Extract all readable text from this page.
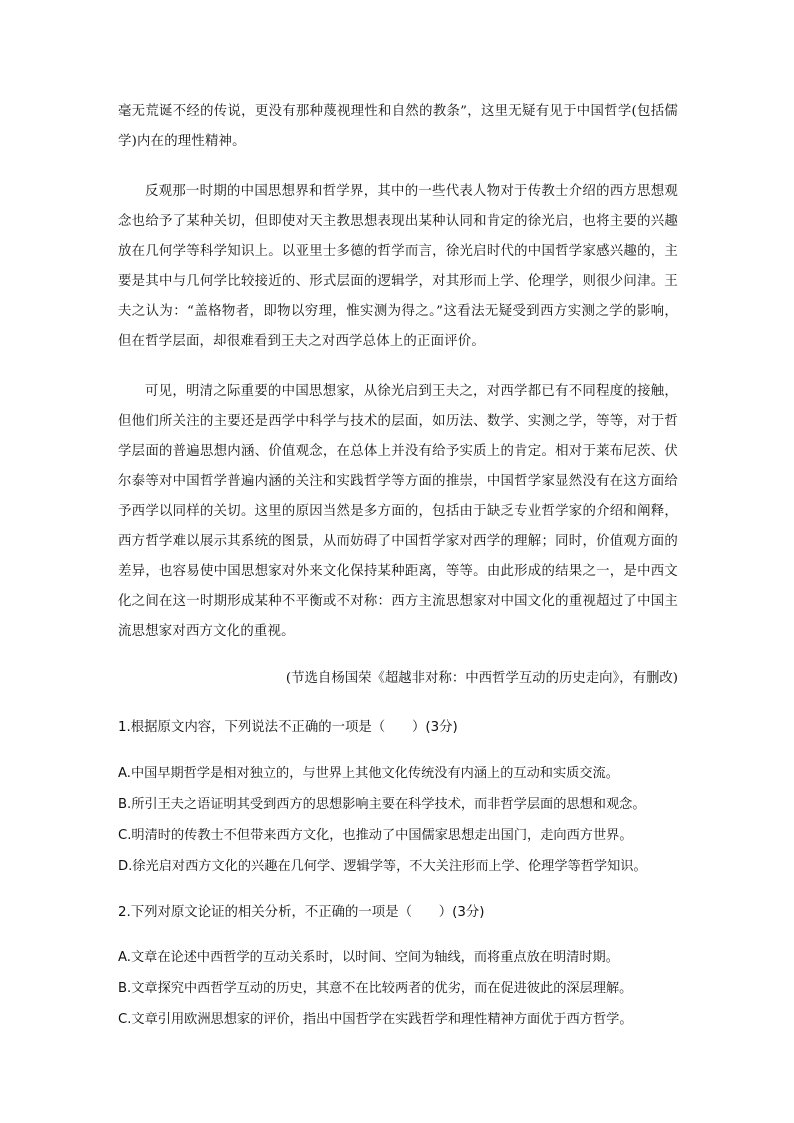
毫无荒诞不经的传说，更没有那种蔑视理性和自然的教条”，这里无疑有见于中国哲学(包括儒学)内在的理性精神。

反观那一时期的中国思想界和哲学界，其中的一些代表人物对于传教士介绍的西方思想观念也给予了某种关切，但即使对天主教思想表现出某种认同和肯定的徐光启，也将主要的兴趣放在几何学等科学知识上。以亚里士多德的哲学而言，徐光启时代的中国哲学家感兴趣的，主要是其中与几何学比较接近的、形式层面的逻辑学，对其形而上学、伦理学，则很少问津。王夫之认为：“盖格物者，即物以穷理，惟实测为得之。”这看法无疑受到西方实测之学的影响，但在哲学层面，却很难看到王夫之对西学总体上的正面评价。

可见，明清之际重要的中国思想家，从徐光启到王夫之，对西学都已有不同程度的接触，但他们所关注的主要还是西学中科学与技术的层面，如历法、数学、实测之学，等等，对于哲学层面的普遍思想内涵、价值观念，在总体上并没有给予实质上的肯定。相对于莱布尼茨、伏尔泰等对中国哲学普遍内涵的关注和实践哲学等方面的推崇，中国哲学家显然没有在这方面给予西学以同样的关切。这里的原因当然是多方面的，包括由于缺乏专业哲学家的介绍和阐释，西方哲学难以展示其系统的图景，从而妨碍了中国哲学家对西学的理解；同时，价值观方面的差异，也容易使中国思想家对外来文化保持某种距离，等等。由此形成的结果之一，是中西文化之间在这一时期形成某种不平衡或不对称：西方主流思想家对中国文化的重视超过了中国主流思想家对西方文化的重视。

(节选自杨国荣《超越非对称：中西哲学互动的历史走向》，有删改)
1.根据原文内容，下列说法不正确的一项是（　　）(3分)
A.中国早期哲学是相对独立的，与世界上其他文化传统没有内涵上的互动和实质交流。
B.所引王夫之语证明其受到西方的思想影响主要在科学技术，而非哲学层面的思想和观念。
C.明清时的传教士不但带来西方文化，也推动了中国儒家思想走出国门，走向西方世界。
D.徐光启对西方文化的兴趣在几何学、逻辑学等，不大关注形而上学、伦理学等哲学知识。
2.下列对原文论证的相关分析，不正确的一项是（　　）(3分)
A.文章在论述中西哲学的互动关系时，以时间、空间为轴线，而将重点放在明清时期。
B.文章探究中西哲学互动的历史，其意不在比较两者的优劣，而在促进彼此的深层理解。
C.文章引用欧洲思想家的评价，指出中国哲学在实践哲学和理性精神方面优于西方哲学。
